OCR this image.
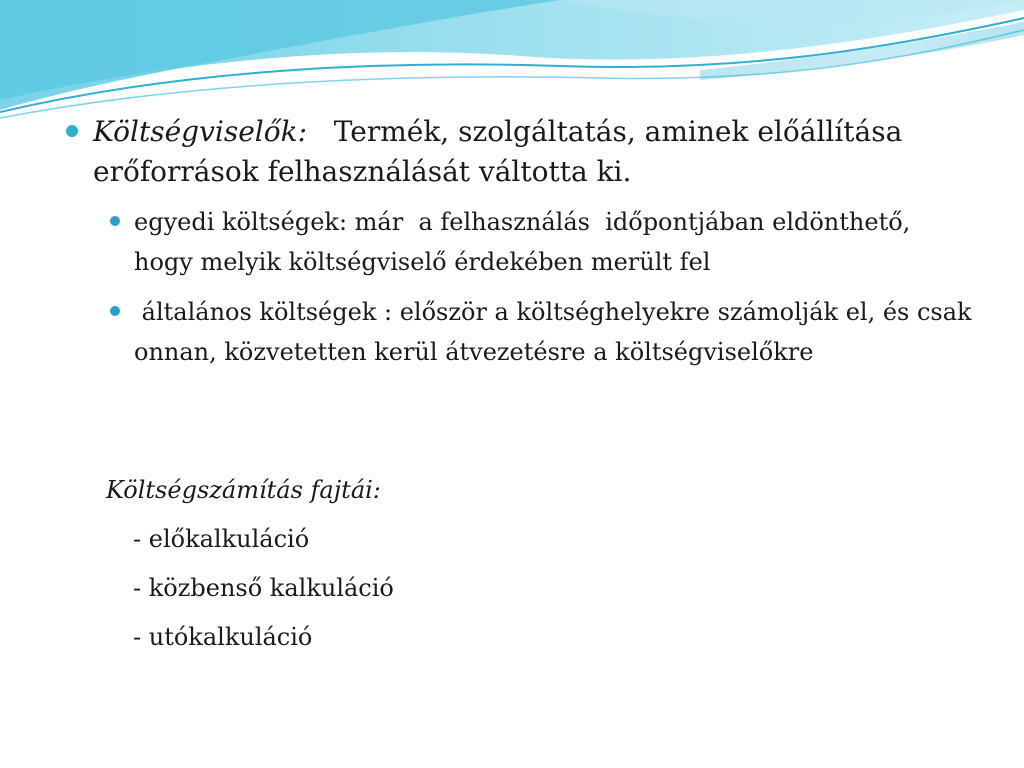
Költségviselők: Termék, szolgáltatás, aminek előállítása erőforrások felhasználását váltotta ki.

egyedi költségek: már  a felhasználás  időpontjában eldönthető, hogy melyik költségviselő érdekében merült fel
általános költségek : először a költséghelyekre számolják el, és csak onnan, közvetetten kerül átvezetésre a költségviselőkre
Költségszámítás fajtái:
- előkalkuláció
- közbenső kalkuláció
- utókalkuláció
